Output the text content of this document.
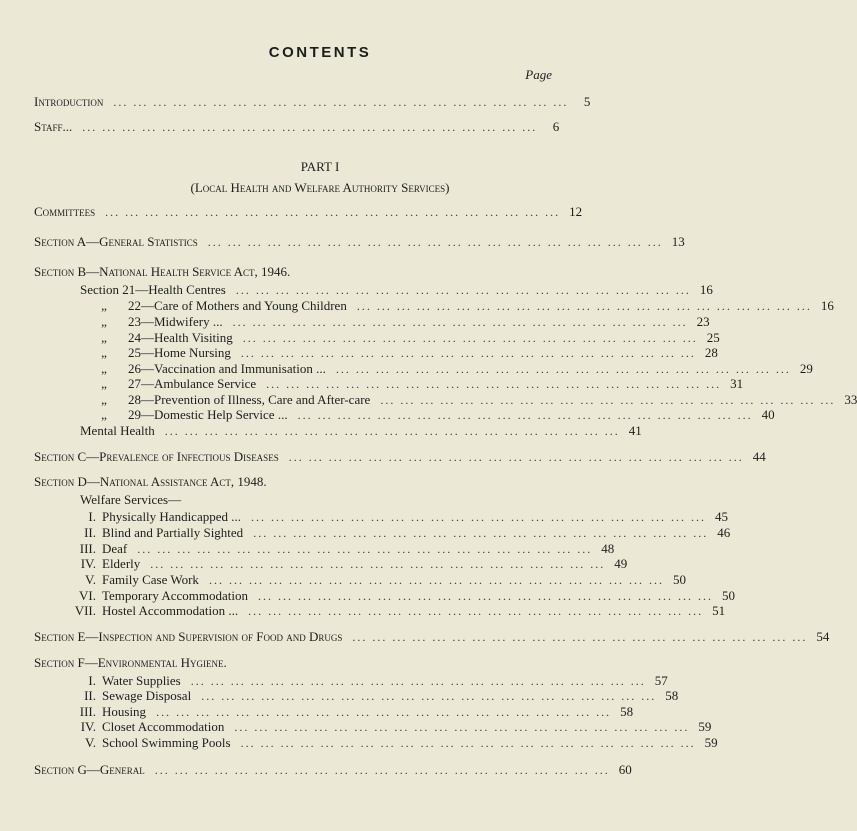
CONTENTS
Page
Introduction ... ... ... ... ... ... ... ... ... ... ... ... ... ... ... ... ... ... ... ... ... ... ...	5
Staff... ... ... ... ... ... ... ... ... ... ... ... ... ... ... ... ... ... ... ... ... ... ... ...	6
PART I
(Local Health and Welfare Authority Services)
Committees ... ... ... ... ... ... ... ... ... ... ... ... ... ... ... ... ... ... ... ... ... ... ... 12
Section A—General Statistics ... ... ... ... ... ... ... ... ... ... ... ... ... ... ... ... ... ... ... ... ... ... ... 13
Section B—National Health Service Act, 1946.
Section 21—Health Centres ... ... ... ... ... ... ... ... ... ... ... ... ... ... ... ... ... ... ... ... ... ... ... 16
„ 22—Care of Mothers and Young Children ... ... ... ... ... ... ... ... ... ... ... ... ... ... ... ... ... ... ... ... ... ... ... 16
„ 23—Midwifery ... ... ... ... ... ... ... ... ... ... ... ... ... ... ... ... ... ... ... ... ... ... ... ... 23
„ 24—Health Visiting ... ... ... ... ... ... ... ... ... ... ... ... ... ... ... ... ... ... ... ... ... ... ... 25
„ 25—Home Nursing ... ... ... ... ... ... ... ... ... ... ... ... ... ... ... ... ... ... ... ... ... ... ... 28
„ 26—Vaccination and Immunisation ... ... ... ... ... ... ... ... ... ... ... ... ... ... ... ... ... ... ... ... ... ... ... ... 29
„ 27—Ambulance Service ... ... ... ... ... ... ... ... ... ... ... ... ... ... ... ... ... ... ... ... ... ... ... 31
„ 28—Prevention of Illness, Care and After-care ... ... ... ... ... ... ... ... ... ... ... ... ... ... ... ... ... ... ... ... ... ... ... 33
„ 29—Domestic Help Service ... ... ... ... ... ... ... ... ... ... ... ... ... ... ... ... ... ... ... ... ... ... ... ... 40
Mental Health ... ... ... ... ... ... ... ... ... ... ... ... ... ... ... ... ... ... ... ... ... ... ... 41
Section C—Prevalence of Infectious Diseases ... ... ... ... ... ... ... ... ... ... ... ... ... ... ... ... ... ... ... ... ... ... ... 44
Section D—National Assistance Act, 1948.
Welfare Services—
I. Physically Handicapped ... ... ... ... ... ... ... ... ... ... ... ... ... ... ... ... ... ... ... ... ... ... ... ... 45
II. Blind and Partially Sighted ... ... ... ... ... ... ... ... ... ... ... ... ... ... ... ... ... ... ... ... ... ... ... 46
III. Deaf ... ... ... ... ... ... ... ... ... ... ... ... ... ... ... ... ... ... ... ... ... ... ... 48
IV. Elderly ... ... ... ... ... ... ... ... ... ... ... ... ... ... ... ... ... ... ... ... ... ... ... 49
V. Family Case Work ... ... ... ... ... ... ... ... ... ... ... ... ... ... ... ... ... ... ... ... ... ... ... 50
VI. Temporary Accommodation ... ... ... ... ... ... ... ... ... ... ... ... ... ... ... ... ... ... ... ... ... ... ... 50
VII. Hostel Accommodation ... ... ... ... ... ... ... ... ... ... ... ... ... ... ... ... ... ... ... ... ... ... ... ... 51
Section E—Inspection and Supervision of Food and Drugs ... ... ... ... ... ... ... ... ... ... ... ... ... ... ... ... ... ... ... ... ... ... ... 54
Section F—Environmental Hygiene.
I. Water Supplies ... ... ... ... ... ... ... ... ... ... ... ... ... ... ... ... ... ... ... ... ... ... ... 57
II. Sewage Disposal ... ... ... ... ... ... ... ... ... ... ... ... ... ... ... ... ... ... ... ... ... ... ... 58
III. Housing ... ... ... ... ... ... ... ... ... ... ... ... ... ... ... ... ... ... ... ... ... ... ... 58
IV. Closet Accommodation ... ... ... ... ... ... ... ... ... ... ... ... ... ... ... ... ... ... ... ... ... ... ... 59
V. School Swimming Pools ... ... ... ... ... ... ... ... ... ... ... ... ... ... ... ... ... ... ... ... ... ... ... 59
Section G—General ... ... ... ... ... ... ... ... ... ... ... ... ... ... ... ... ... ... ... ... ... ... ... 60
